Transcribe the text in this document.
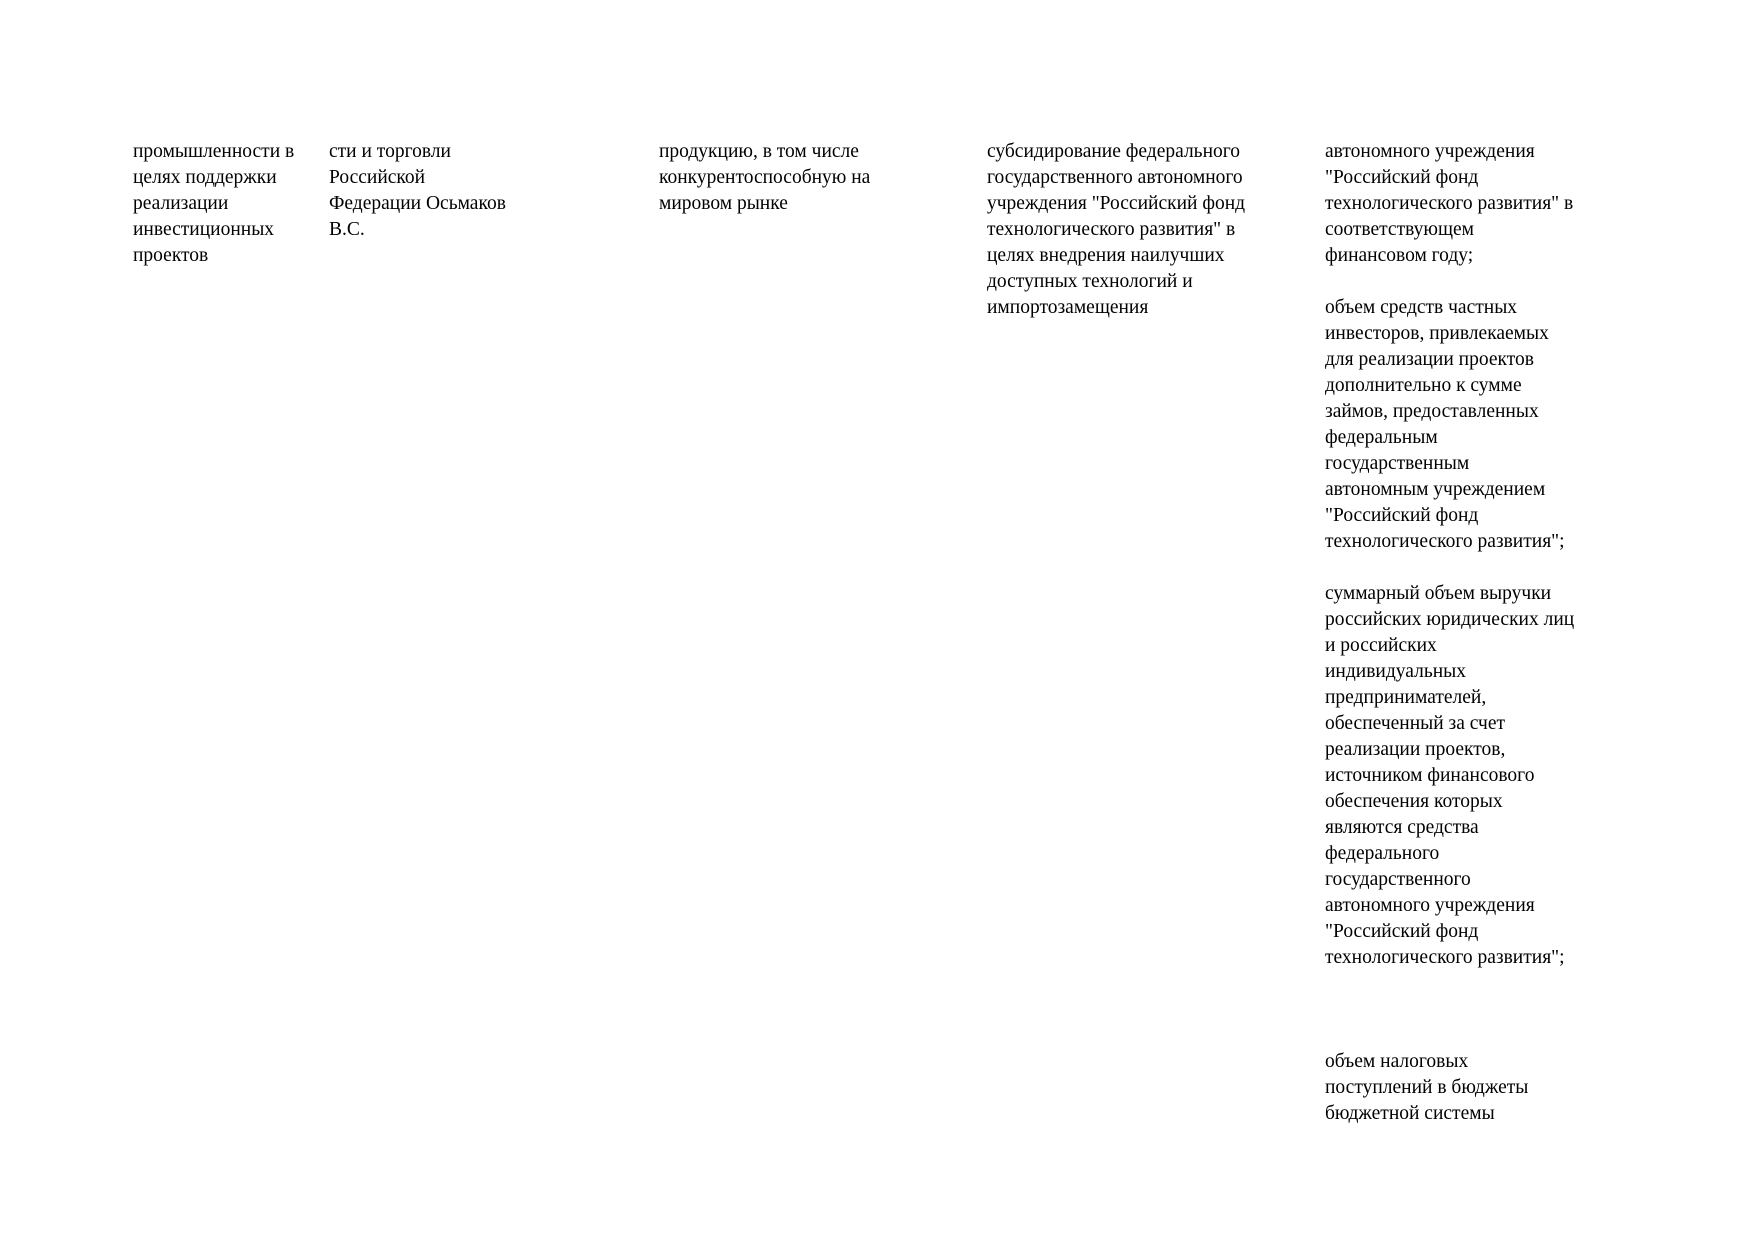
промышленности в целях поддержки реализации инвестиционных проектов

сти и торговли Российской Федерации Осьмаков В.С.

продукцию, в том числе конкурентоспособную на мировом рынке

субсидирование федерального государственного автономного учреждения "Российский фонд технологического развития" в целях внедрения наилучших доступных технологий и импортозамещения

автономного учреждения "Российский фонд технологического развития" в соответствующем финансовом году;

объем средств частных инвесторов, привлекаемых для реализации проектов дополнительно к сумме займов, предоставленных федеральным государственным автономным учреждением "Российский фонд технологического развития";

суммарный объем выручки российских юридических лиц и российских индивидуальных предпринимателей, обеспеченный за счет реализации проектов, источником финансового обеспечения которых являются средства федерального государственного автономного учреждения "Российский фонд технологического развития";

объем налоговых поступлений в бюджеты бюджетной системы
